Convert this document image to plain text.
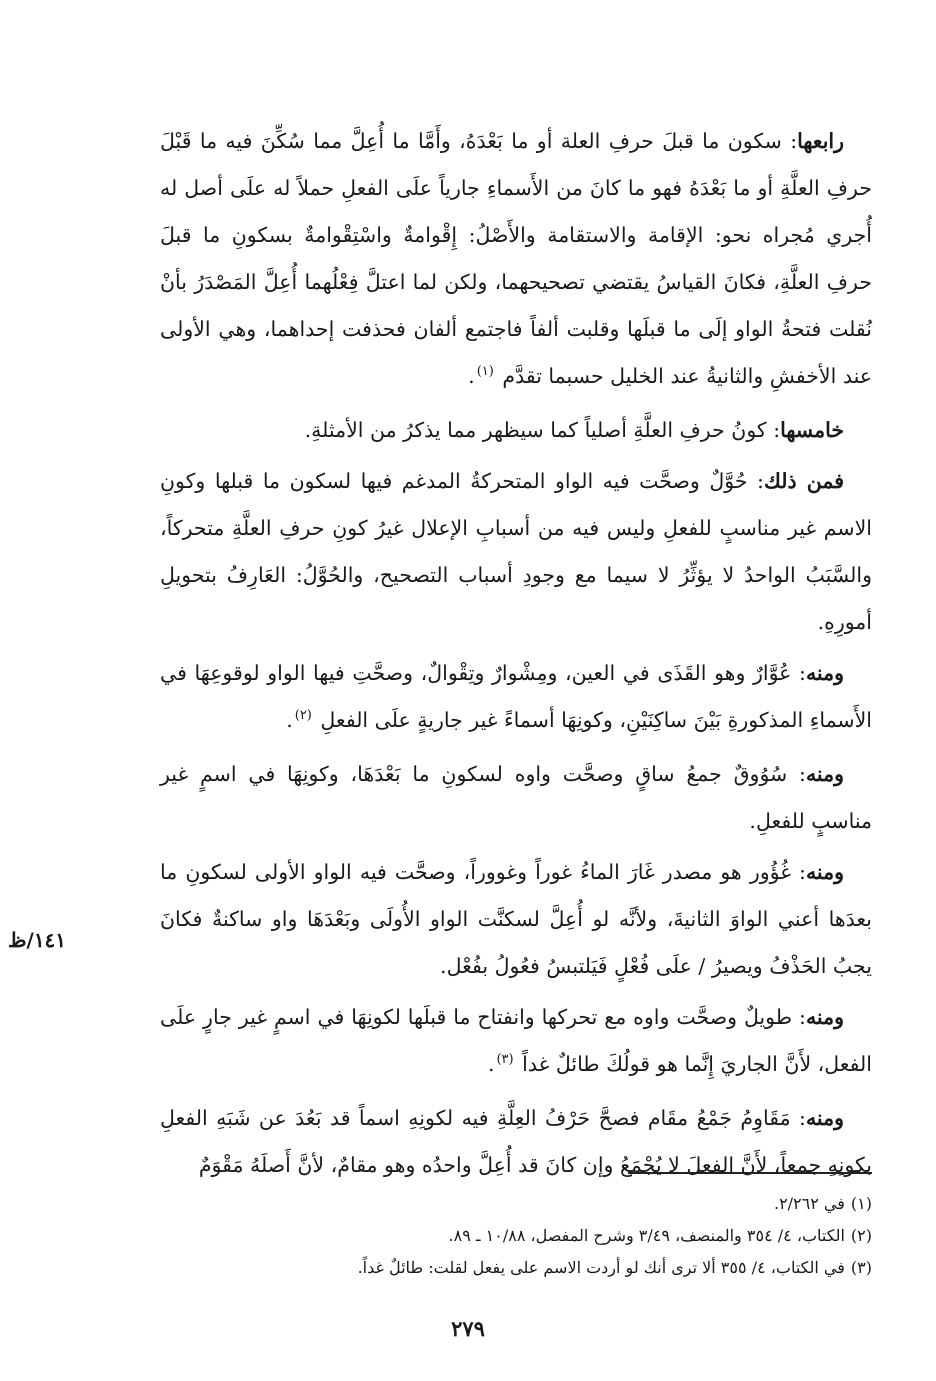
رابعها: سكون ما قبلَ حرفِ العلة أو ما بَعْدَهُ، وأَمَّا ما أُعِلَّ مما سُكِّنَ فيه ما قَبْلَ حرفِ العلَّةِ أو ما بَعْدَهُ فهو ما كانَ من الأَسماءِ جارياً علَى الفعلِ حملاً له علَى أصل له أُجري مُجراه نحو: الإقامة والاستقامة والأَصْلُ: إِقْوامةٌ واسْتِقْوامةٌ بسكونِ ما قبلَ حرفِ العلَّةِ، فكانَ القياسُ يقتضي تصحيحهما، ولكن لما اعتلَّ فِعْلُهما أُعِلَّ المَصْدَرُ بأنْ نُقلت فتحةُ الواو إلَى ما قبلَها وقلبت ألفاً فاجتمع ألفان فحذفت إحداهما، وهي الأولى عند الأخفشِ والثانيةُ عند الخليل حسبما تقدَّم $^{(١)}$.

خامسها: كونُ حرفِ العلَّةِ أصلياً كما سيظهر مما يذكرُ من الأمثلةِ.

فمن ذلك: حُوَّلٌ وصحَّت فيه الواو المتحركةُ المدغم فيها لسكون ما قبلها وكونِ الاسم غير مناسبٍ للفعلِ وليس فيه من أسبابِ الإعلال غيرُ كونِ حرفِ العلَّةِ متحركاً، والسَّبَبُ الواحدُ لا يؤثِّرُ لا سيما مع وجودِ أسباب التصحيح، والحُوَّلُ: العَارِفُ بتحويلِ أمورِهِ.

ومنه: عُوَّارٌ وهو القَذَى في العين، ومِشْوارٌ وتِقْوالٌ، وصحَّتِ فيها الواو لوقوعِهَا في الأَسماءِ المذكورةِ بَيْنَ ساكِنَيْنِ، وكونِهَا أسماءً غير جاريةٍ علَى الفعلِ $^{(٢)}$.

ومنه: سُوُوقٌ جمعُ ساقٍ وصحَّت واوه لسكونِ ما بَعْدَهَا، وكونِهَا في اسمٍ غير مناسبٍ للفعلِ.

ومنه: غُؤُور هو مصدر غَارَ الماءُ غوراً وغووراً، وصحَّت فيه الواو الأولى لسكونِ ما بعدَها أعني الواوَ الثانيةَ، ولأنَّه لو أُعِلَّ لسكنَّت الواو الأُولَى وبَعْدَهَا واو ساكنةٌ فكانَ يجبُ الحَذْفُ ويصيرُ / علَى فُعْلٍ فَيَلتبسُ فعُولُ بفُعْل.

ومنه: طويلٌ وصحَّت واوه مع تحركها وانفتاح ما قبلَها لكونِهَا في اسمٍ غير جارٍ علَى الفعل، لأَنَّ الجاريَ إِنَّما هو قولُكَ طائلٌ غداً $^{(٣)}$.

ومنه: مَقَاوِمُ جَمْعُ مقَام فصحَّ حَرْفُ العِلَّةِ فيه لكونِهِ اسماً قد بَعُدَ عن شَبَهِ الفعلِ بكونِهِ جمعاً، لأَنَّ الفعلَ لا يُجْمَعُ وإن كانَ قد أُعِلَّ واحدُه وهو مقامٌ، لأنَّ أَصلَهُ مَقْوَمٌ

١٤١/ظ

(١)في ٢/٢٦٢.

(٢)الكتاب، ٤/ ٣٥٤ والمنصف، ٣/٤٩ وشرح المفصل، ١٠/٨٨ ـ ٨٩.

(٣)في الكتاب، ٤/ ٣٥٥ ألا ترى أنك لو أردت الاسم على يفعل لقلت: طائلٌ غداً.

٢٧٩
